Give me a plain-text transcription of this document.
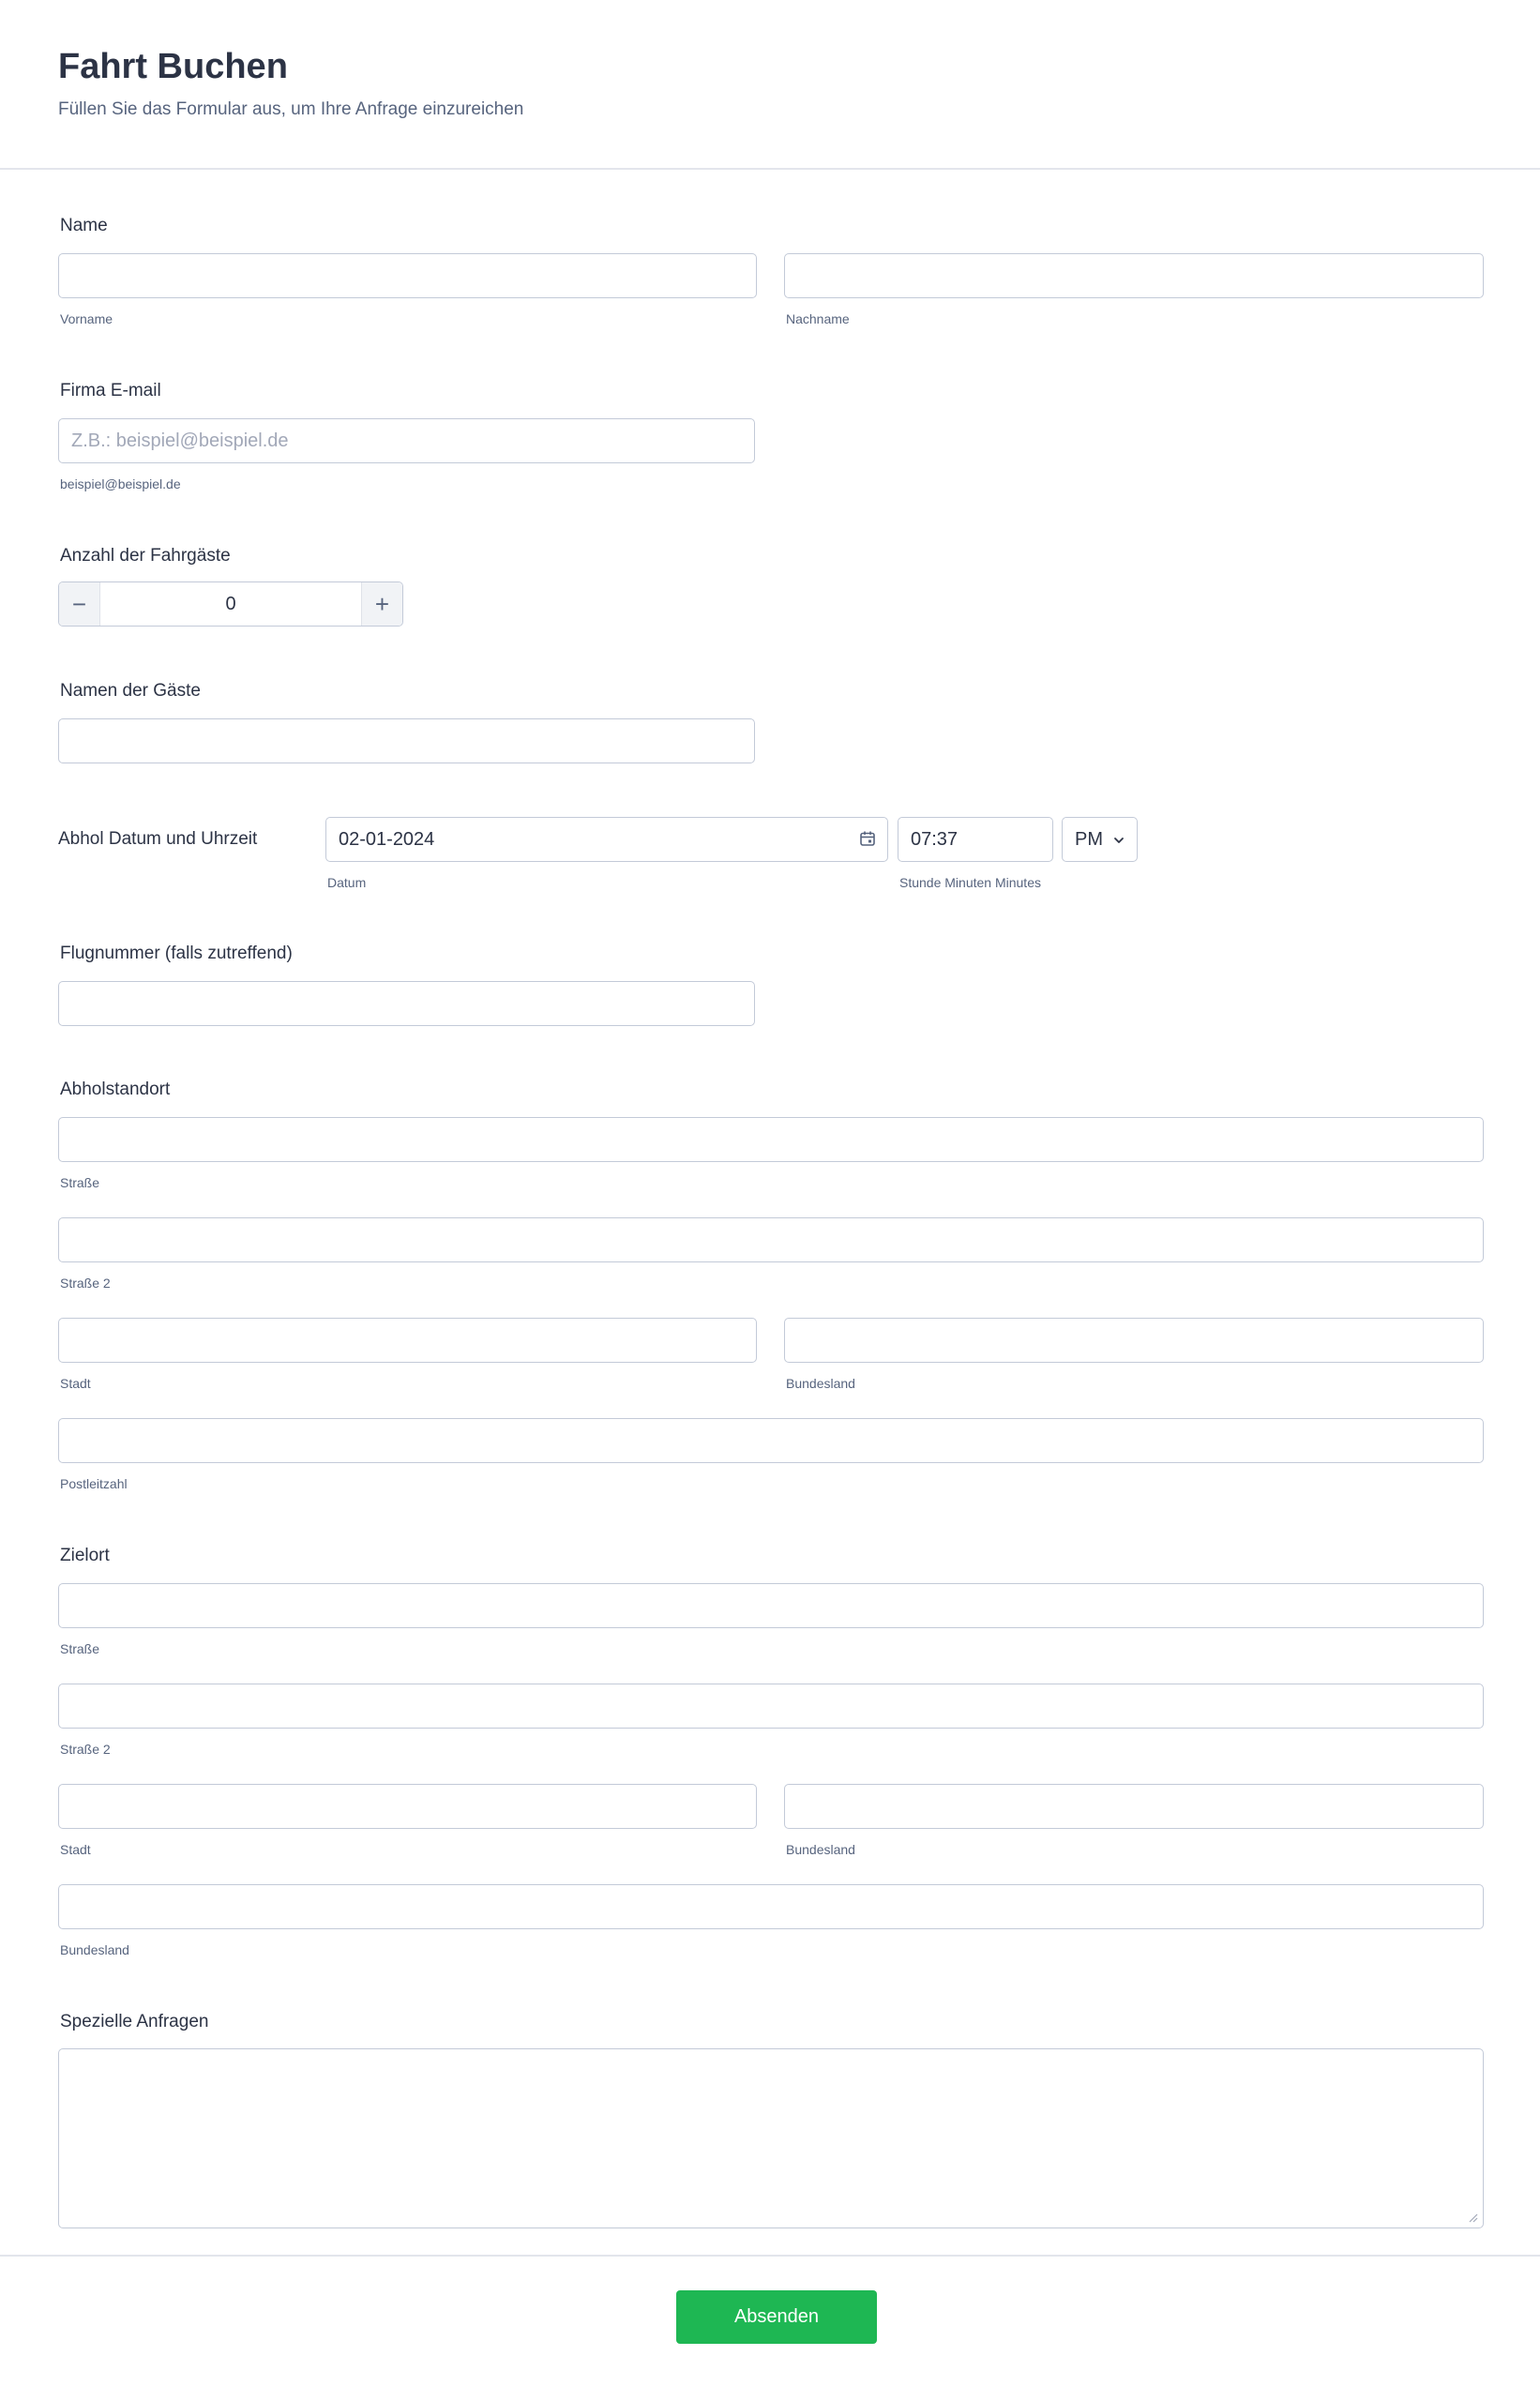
Fahrt Buchen
Füllen Sie das Formular aus, um Ihre Anfrage einzureichen
Name
Vorname	Nachname
Firma E-mail
Z.B.: beispiel@beispiel.de
beispiel@beispiel.de
Anzahl der Fahrgäste
−	0	+
Namen der Gäste
Abhol Datum und Uhrzeit	02-01-2024
Datum
07:37
Stunde Minuten Minutes
PM
Flugnummer (falls zutreffend)
Abholstandort
Straße
Straße 2
Stadt	Bundesland
Postleitzahl
Zielort
Straße
Straße 2
Stadt	Bundesland
Bundesland
Spezielle Anfragen
Absenden
